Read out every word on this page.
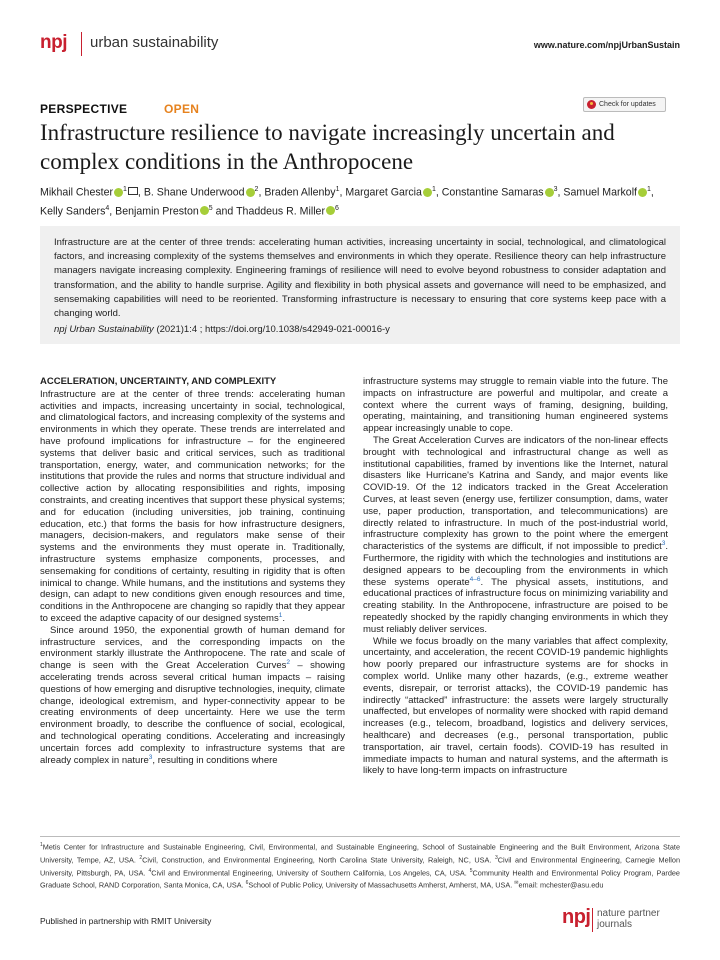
npj urban sustainability	www.nature.com/npjUrbanSustain
PERSPECTIVE	OPEN	Check for updates
Infrastructure resilience to navigate increasingly uncertain and
complex conditions in the Anthropocene
Mikhail Chester $^1$ , B. Shane Underwood $^2$, Braden Allenby$^1$, Margaret Garcia $^1$, Constantine Samaras $^3$, Samuel Markolf $^1$,
Kelly Sanders$^4$, Benjamin Preston $^5$ and Thaddeus R. Miller $^6$

Infrastructure are at the center of three trends: accelerating human activities, increasing uncertainty in social, technological, and climatological factors, and increasing complexity of the systems themselves and environments in which they operate. Resilience theory can help infrastructure managers navigate increasing complexity. Engineering framings of resilience will need to evolve beyond robustness to consider adaptation and transformation, and the ability to handle surprise. Agility and flexibility in both physical assets and governance will need to be emphasized, and sensemaking capabilities will need to be reoriented. Transforming infrastructure is necessary to ensuring that core systems keep pace with a changing world.

npj Urban Sustainability (2021)1:4 ; https://doi.org/10.1038/s42949-021-00016-y

ACCELERATION, UNCERTAINTY, AND COMPLEXITY

Infrastructure are at the center of three trends: accelerating human activities and impacts, increasing uncertainty in social, technological, and climatological factors, and increasing complexity of the systems and environments in which they operate. These trends are interrelated and have profound implications for infrastructure – for the engineered systems that deliver basic and critical services, such as traditional transportation, energy, water, and communication networks; for the institutions that provide the rules and norms that structure individual and collective action by allocating responsibilities and rights, imposing constraints, and creating incentives that support these physical systems; and for education (including universities, job training, continuing education, etc.) that forms the basis for how infrastructure designers, managers, decision-makers, and regulators make sense of their systems and the environments they must operate in. Traditionally, infrastructure systems emphasize components, processes, and sensemaking for conditions of certainty, resulting in rigidity that is often inimical to change. While humans, and the institutions and systems they design, can adapt to new conditions given enough resources and time, conditions in the Anthropocene are changing so rapidly that they appear to exceed the adaptive capacity of our designed systems$^1$.

Since around 1950, the exponential growth of human demand for infrastructure services, and the corresponding impacts on the environment starkly illustrate the Anthropocene. The rate and scale of change is seen with the Great Acceleration Curves$^2$ – showing accelerating trends across several critical human impacts – raising questions of how emerging and disruptive technologies, inequity, climate change, ideological extremism, and hyper-connectivity appear to be creating environments of deep uncertainty. Here we use the term environment broadly, to describe the confluence of social, ecological, and technological operating conditions. Accelerating and increasingly uncertain forces add complexity to infrastructure systems that are already complex in nature$^3$, resulting in conditions where

infrastructure systems may struggle to remain viable into the future. The impacts on infrastructure are powerful and multipolar, and create a context where the current ways of framing, designing, building, operating, maintaining, and transitioning human engineered systems appear increasingly unable to cope.

The Great Acceleration Curves are indicators of the non-linear effects brought with technological and infrastructural change as well as institutional capabilities, framed by inventions like the Internet, natural disasters like Hurricane's Katrina and Sandy, and major events like COVID-19. Of the 12 indicators tracked in the Great Acceleration Curves, at least seven (energy use, fertilizer consumption, dams, water use, paper production, transportation, and telecommunications) are directly related to infrastructure. In much of the post-industrial world, infrastructure complexity has grown to the point where the emergent characteristics of the systems are difficult, if not impossible to predict$^3$. Furthermore, the rigidity with which the technologies and institutions are designed appears to be decoupling from the environments in which these systems operate$^{4-6}$. The physical assets, institutions, and educational practices of infrastructure focus on minimizing variability and creating stability. In the Anthropocene, infrastructure are poised to be repeatedly shocked by the rapidly changing environments in which they must reliably deliver services.

While we focus broadly on the many variables that affect complexity, uncertainty, and acceleration, the recent COVID-19 pandemic highlights how poorly prepared our infrastructure systems are for shocks in complex world. Unlike many other hazards, (e.g., extreme weather events, disrepair, or terrorist attacks), the COVID-19 pandemic has indirectly “attacked” infrastructure: the assets were largely structurally unaffected, but envelopes of normality were shocked with rapid demand increases (e.g., telecom, broadband, logistics and delivery services, healthcare) and decreases (e.g., personal transportation, public transportation, air travel, certain foods). COVID-19 has resulted in immediate impacts to human and natural systems, and the aftermath is likely to have long-term impacts on infrastructure

$^1$Metis Center for Infrastructure and Sustainable Engineering, Civil, Environmental, and Sustainable Engineering, School of Sustainable Engineering and the Built Environment, Arizona State University, Tempe, AZ, USA. $^2$Civil, Construction, and Environmental Engineering, North Carolina State University, Raleigh, NC, USA. $^3$Civil and Environmental Engineering, Carnegie Mellon University, Pittsburgh, PA, USA. $^4$Civil and Environmental Engineering, University of Southern California, Los Angeles, CA, USA. $^5$Community Health and Environmental Policy Program, Pardee Graduate School, RAND Corporation, Santa Monica, CA, USA. $^6$School of Public Policy, University of Massachusetts Amherst, Amherst, MA, USA. ✉email: mchester@asu.edu
Published in partnership with RMIT University	npj nature partner
journals
